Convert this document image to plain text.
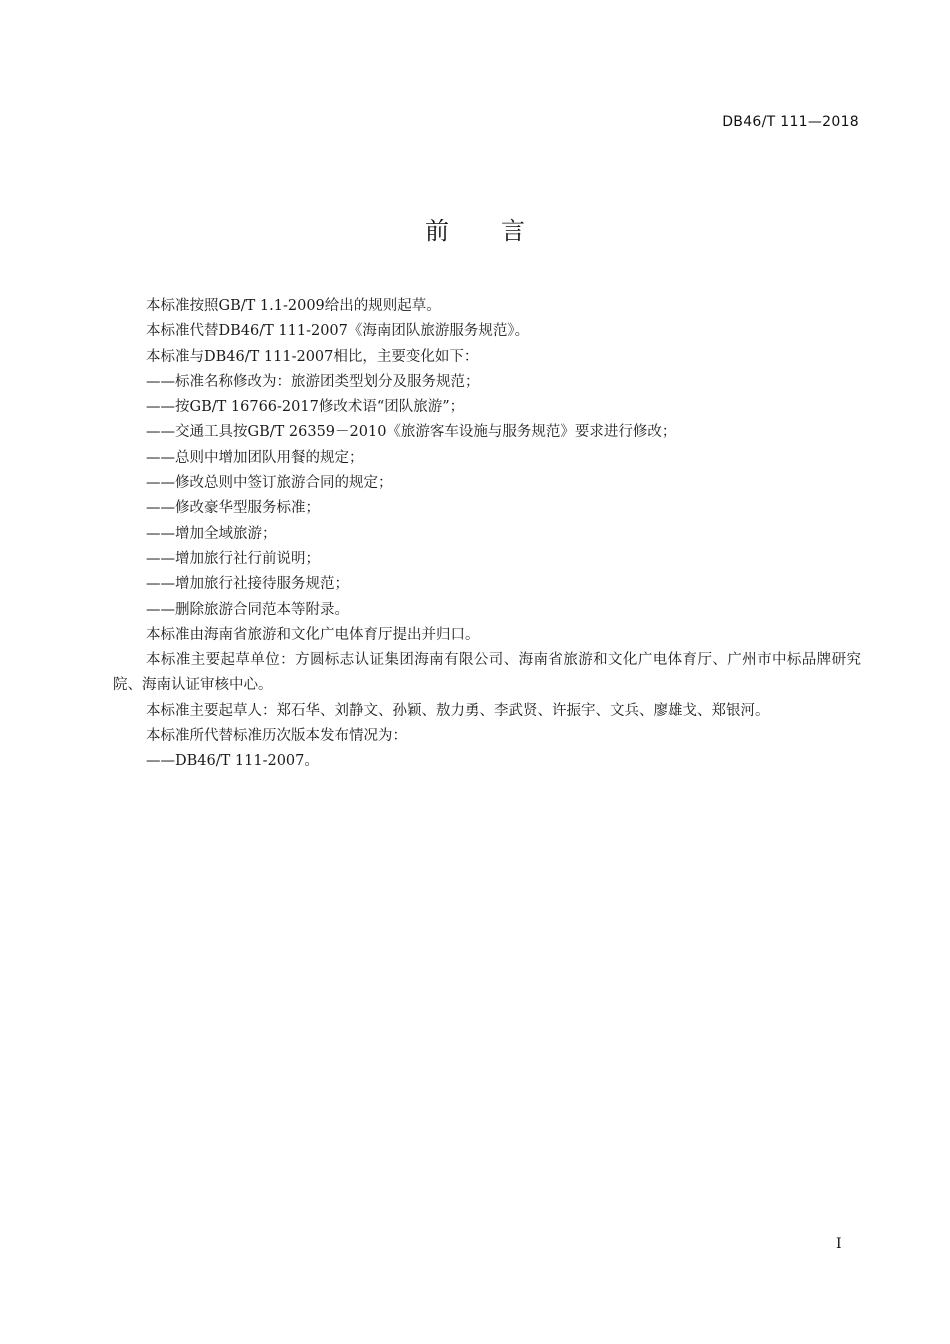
DB46/T 111—2018
前 言

本标准按照GB/T 1.1-2009给出的规则起草。

本标准代替DB46/T 111-2007《海南团队旅游服务规范》。

本标准与DB46/T 111-2007相比，主要变化如下：

——标准名称修改为：旅游团类型划分及服务规范；

——按GB/T 16766-2017修改术语“团队旅游”；

——交通工具按GB/T 26359－2010《旅游客车设施与服务规范》要求进行修改；

——总则中增加团队用餐的规定；

——修改总则中签订旅游合同的规定；

——修改豪华型服务标准；

——增加全域旅游；

——增加旅行社行前说明；

——增加旅行社接待服务规范；

——删除旅游合同范本等附录。

本标准由海南省旅游和文化广电体育厅提出并归口。

本标准主要起草单位：方圆标志认证集团海南有限公司、海南省旅游和文化广电体育厅、广州市中标品牌研究院、海南认证审核中心。

本标准主要起草人：郑石华、刘静文、孙颖、敖力勇、李武贤、许振宇、文兵、廖雄戈、郑银河。

本标准所代替标准历次版本发布情况为：

——DB46/T 111-2007。

I
